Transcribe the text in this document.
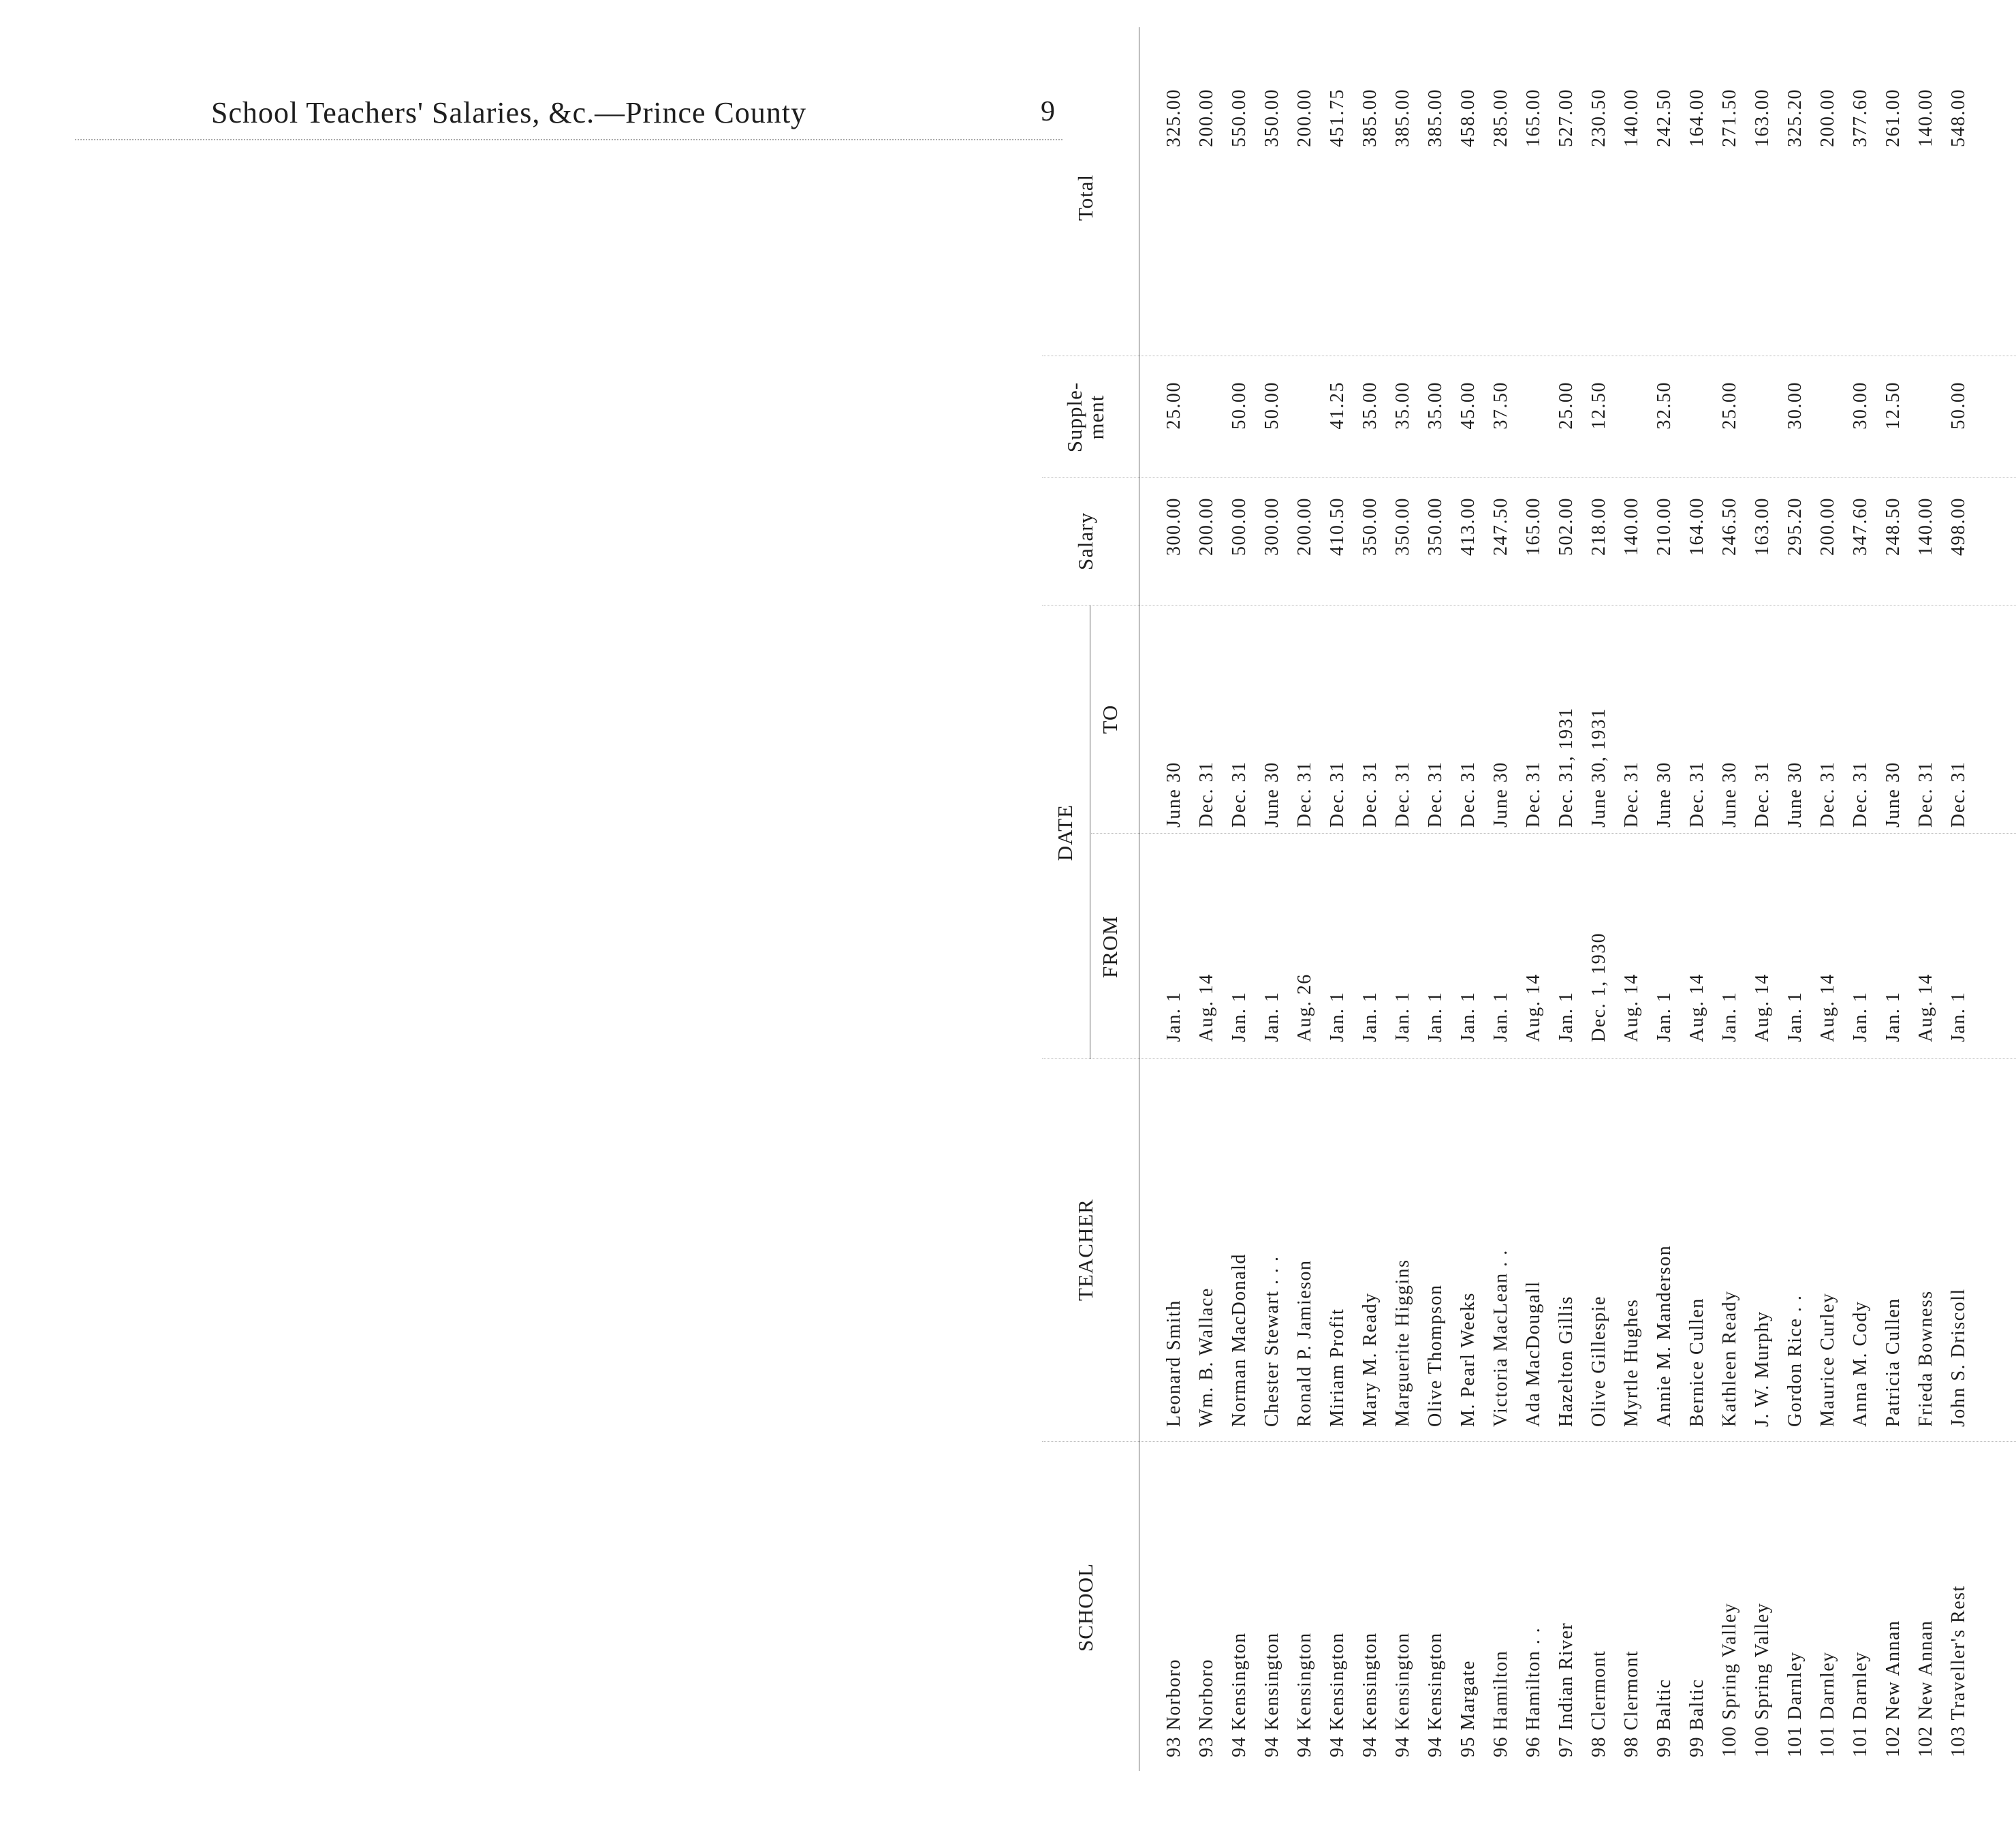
School Teachers' Salaries, &c.—Prince County	9
SCHOOL
TEACHER
DATE
FROM
TO
Salary
Supple-
ment
Total
93 Norboro
Leonard Smith
Jan. 1
June 30
300.00
25.00
325.00
93 Norboro
Wm. B. Wallace
Aug. 14
Dec. 31
200.00
200.00
94 Kensington
Norman MacDonald
Jan. 1
Dec. 31
500.00
50.00
550.00
94 Kensington
Chester Stewart . . .
Jan. 1
June 30
300.00
50.00
350.00
94 Kensington
Ronald P. Jamieson
Aug. 26
Dec. 31
200.00
200.00
94 Kensington
Miriam Profit
Jan. 1
Dec. 31
410.50
41.25
451.75
94 Kensington
Mary M. Ready
Jan. 1
Dec. 31
350.00
35.00
385.00
94 Kensington
Marguerite Higgins
Jan. 1
Dec. 31
350.00
35.00
385.00
94 Kensington
Olive Thompson
Jan. 1
Dec. 31
350.00
35.00
385.00
95 Margate
M. Pearl Weeks
Jan. 1
Dec. 31
413.00
45.00
458.00
96 Hamilton
Victoria MacLean . .
Jan. 1
June 30
247.50
37.50
285.00
96 Hamilton . .
Ada MacDougall
Aug. 14
Dec. 31
165.00
165.00
97 Indian River
Hazelton Gillis
Jan. 1
Dec. 31, 1931
502.00
25.00
527.00
98 Clermont
Olive Gillespie
Dec. 1, 1930
June 30, 1931
218.00
12.50
230.50
98 Clermont
Myrtle Hughes
Aug. 14
Dec. 31
140.00
140.00
99 Baltic
Annie M. Manderson
Jan. 1
June 30
210.00
32.50
242.50
99 Baltic
Bernice Cullen
Aug. 14
Dec. 31
164.00
164.00
100 Spring Valley
Kathleen Ready
Jan. 1
June 30
246.50
25.00
271.50
100 Spring Valley
J. W. Murphy
Aug. 14
Dec. 31
163.00
163.00
101 Darnley
Gordon Rice . .
Jan. 1
June 30
295.20
30.00
325.20
101 Darnley
Maurice Curley
Aug. 14
Dec. 31
200.00
200.00
101 Darnley
Anna M. Cody
Jan. 1
Dec. 31
347.60
30.00
377.60
102 New Annan
Patricia Cullen
Jan. 1
June 30
248.50
12.50
261.00
102 New Annan
Frieda Bowness
Aug. 14
Dec. 31
140.00
140.00
103 Traveller's Rest
John S. Driscoll
Jan. 1
Dec. 31
498.00
50.00
548.00
